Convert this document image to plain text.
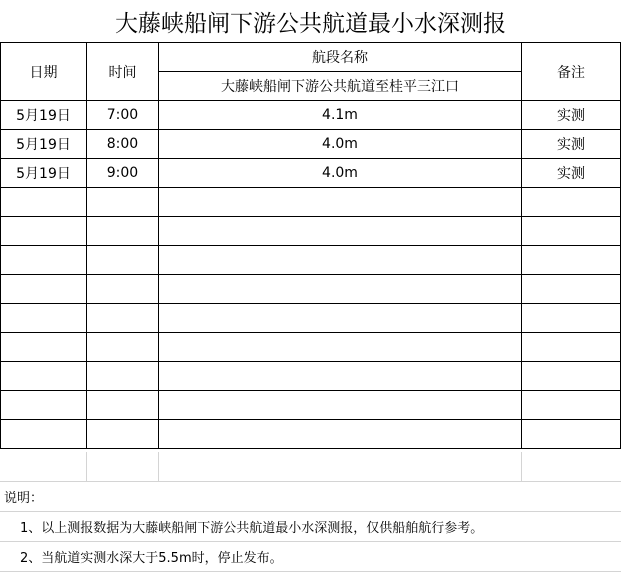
大藤峡船闸下游公共航道最小水深测报
日期	时间	航段名称	备注
		大藤峡船闸下游公共航道至桂平三江口	
5月19日	7:00	4.1m	实测
5月19日	8:00	4.0m	实测
5月19日	9:00	4.0m	实测

说明：
1、以上测报数据为大藤峡船闸下游公共航道最小水深测报，仅供船舶航行参考。
2、当航道实测水深大于5.5m时，停止发布。
